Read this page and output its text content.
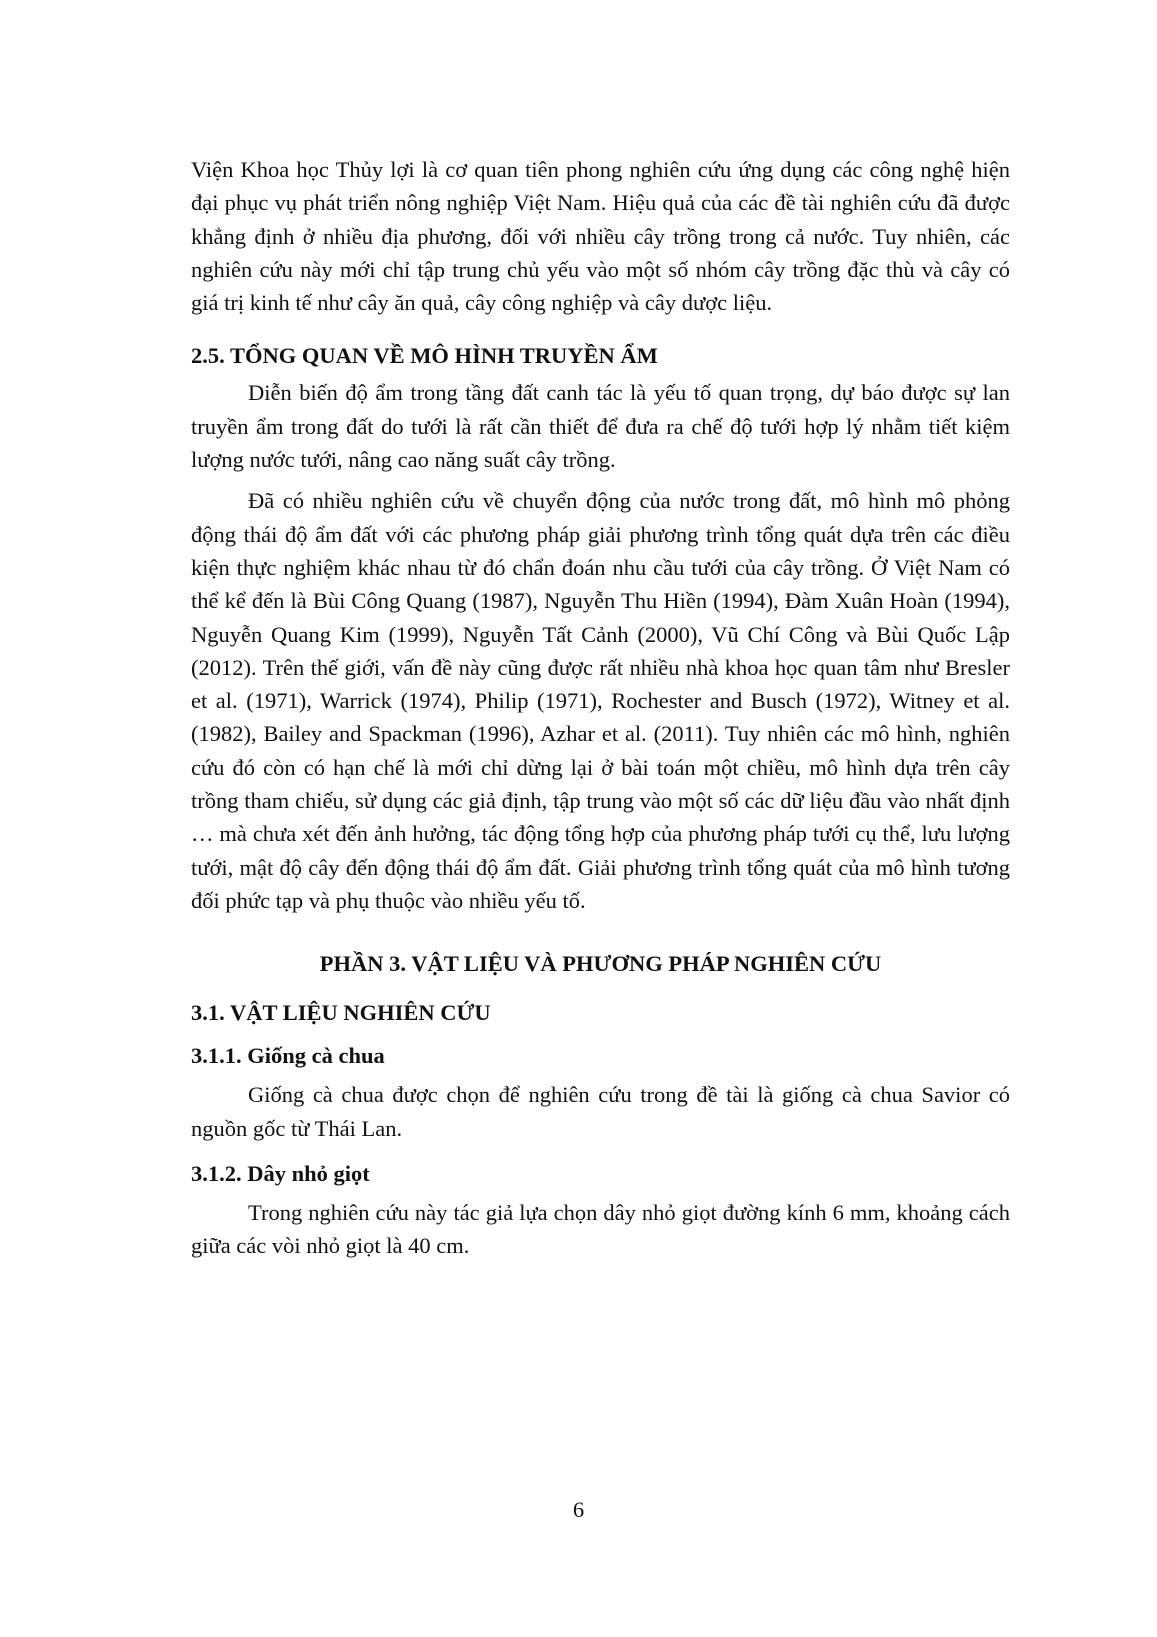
Viện Khoa học Thủy lợi là cơ quan tiên phong nghiên cứu ứng dụng các công nghệ hiện đại phục vụ phát triển nông nghiệp Việt Nam. Hiệu quả của các đề tài nghiên cứu đã được khẳng định ở nhiều địa phương, đối với nhiều cây trồng trong cả nước. Tuy nhiên, các nghiên cứu này mới chỉ tập trung chủ yếu vào một số nhóm cây trồng đặc thù và cây có giá trị kinh tế như cây ăn quả, cây công nghiệp và cây dược liệu.

2.5. TỔNG QUAN VỀ MÔ HÌNH TRUYỀN ẨM

Diễn biến độ ẩm trong tầng đất canh tác là yếu tố quan trọng, dự báo được sự lan truyền ẩm trong đất do tưới là rất cần thiết để đưa ra chế độ tưới hợp lý nhằm tiết kiệm lượng nước tưới, nâng cao năng suất cây trồng.

Đã có nhiều nghiên cứu về chuyển động của nước trong đất, mô hình mô phỏng động thái độ ẩm đất với các phương pháp giải phương trình tổng quát dựa trên các điều kiện thực nghiệm khác nhau từ đó chẩn đoán nhu cầu tưới của cây trồng. Ở Việt Nam có thể kể đến là Bùi Công Quang (1987), Nguyễn Thu Hiền (1994), Đàm Xuân Hoàn (1994), Nguyễn Quang Kim (1999), Nguyễn Tất Cảnh (2000), Vũ Chí Công và Bùi Quốc Lập (2012). Trên thế giới, vấn đề này cũng được rất nhiều nhà khoa học quan tâm như Bresler et al. (1971), Warrick (1974), Philip (1971), Rochester and Busch (1972), Witney et al. (1982), Bailey and Spackman (1996), Azhar et al. (2011). Tuy nhiên các mô hình, nghiên cứu đó còn có hạn chế là mới chỉ dừng lại ở bài toán một chiều, mô hình dựa trên cây trồng tham chiếu, sử dụng các giả định, tập trung vào một số các dữ liệu đầu vào nhất định … mà chưa xét đến ảnh hưởng, tác động tổng hợp của phương pháp tưới cụ thể, lưu lượng tưới, mật độ cây đến động thái độ ẩm đất. Giải phương trình tổng quát của mô hình tương đối phức tạp và phụ thuộc vào nhiều yếu tố.

PHẦN 3. VẬT LIỆU VÀ PHƯƠNG PHÁP NGHIÊN CỨU
3.1. VẬT LIỆU NGHIÊN CỨU
3.1.1. Giống cà chua

Giống cà chua được chọn để nghiên cứu trong đề tài là giống cà chua Savior có nguồn gốc từ Thái Lan.

3.1.2. Dây nhỏ giọt

Trong nghiên cứu này tác giả lựa chọn dây nhỏ giọt đường kính 6 mm, khoảng cách giữa các vòi nhỏ giọt là 40 cm.

6
